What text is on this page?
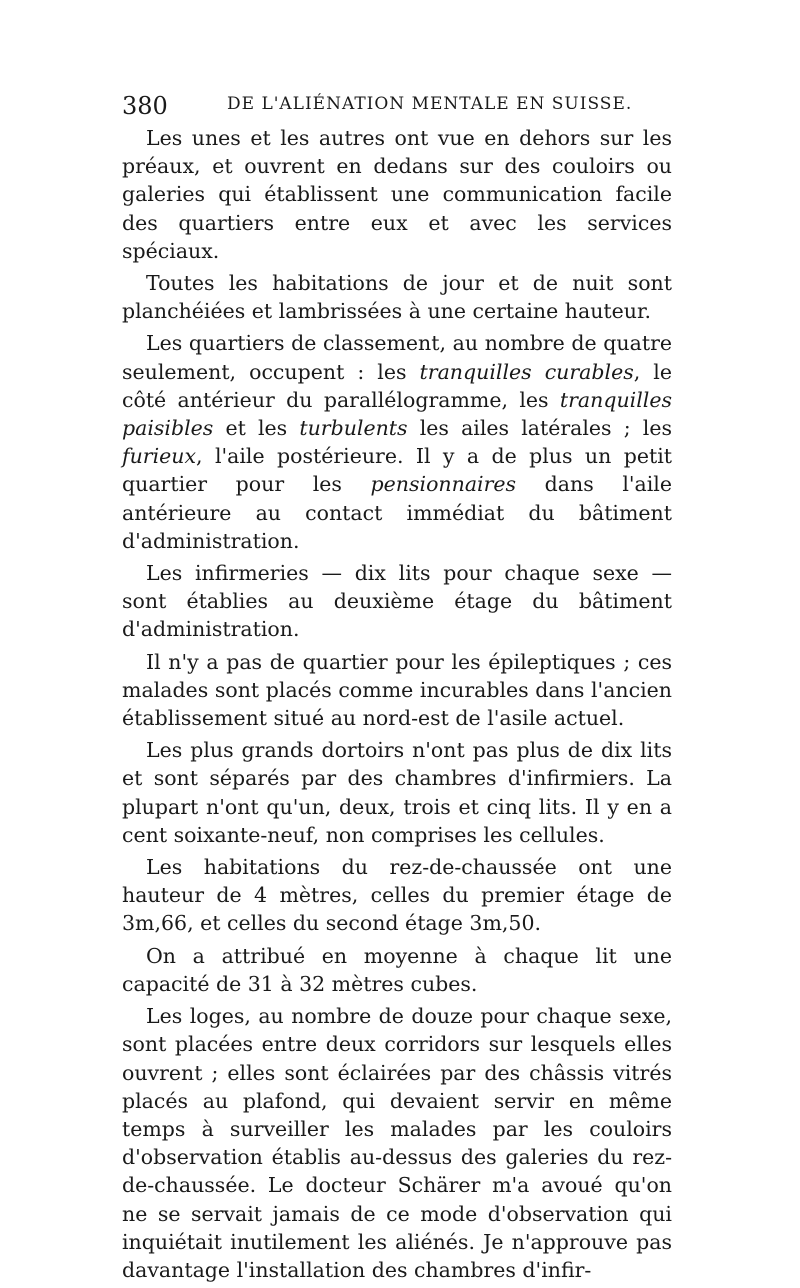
380	DE L'ALIÉNATION MENTALE EN SUISSE.

Les unes et les autres ont vue en dehors sur les préaux, et ouvrent en dedans sur des couloirs ou galeries qui établissent une communication facile des quartiers entre eux et avec les services spéciaux.

Toutes les habitations de jour et de nuit sont planchéiées et lambrissées à une certaine hauteur.

Les quartiers de classement, au nombre de quatre seulement, occupent : les tranquilles curables, le côté antérieur du parallélogramme, les tranquilles paisibles et les turbulents les ailes latérales ; les furieux, l'aile postérieure. Il y a de plus un petit quartier pour les pensionnaires dans l'aile antérieure au contact immédiat du bâtiment d'administration.

Les infirmeries — dix lits pour chaque sexe — sont établies au deuxième étage du bâtiment d'administration.

Il n'y a pas de quartier pour les épileptiques ; ces malades sont placés comme incurables dans l'ancien établissement situé au nord-est de l'asile actuel.

Les plus grands dortoirs n'ont pas plus de dix lits et sont séparés par des chambres d'infirmiers. La plupart n'ont qu'un, deux, trois et cinq lits. Il y en a cent soixante-neuf, non comprises les cellules.

Les habitations du rez-de-chaussée ont une hauteur de 4 mètres, celles du premier étage de 3m,66, et celles du second étage 3m,50.

On a attribué en moyenne à chaque lit une capacité de 31 à 32 mètres cubes.

Les loges, au nombre de douze pour chaque sexe, sont placées entre deux corridors sur lesquels elles ouvrent ; elles sont éclairées par des châssis vitrés placés au plafond, qui devaient servir en même temps à surveiller les malades par les couloirs d'observation établis au-dessus des galeries du rez-de-chaussée. Le docteur Schärer m'a avoué qu'on ne se servait jamais de ce mode d'observation qui inquiétait inutilement les aliénés. Je n'approuve pas davantage l'installation des chambres d'infir-
